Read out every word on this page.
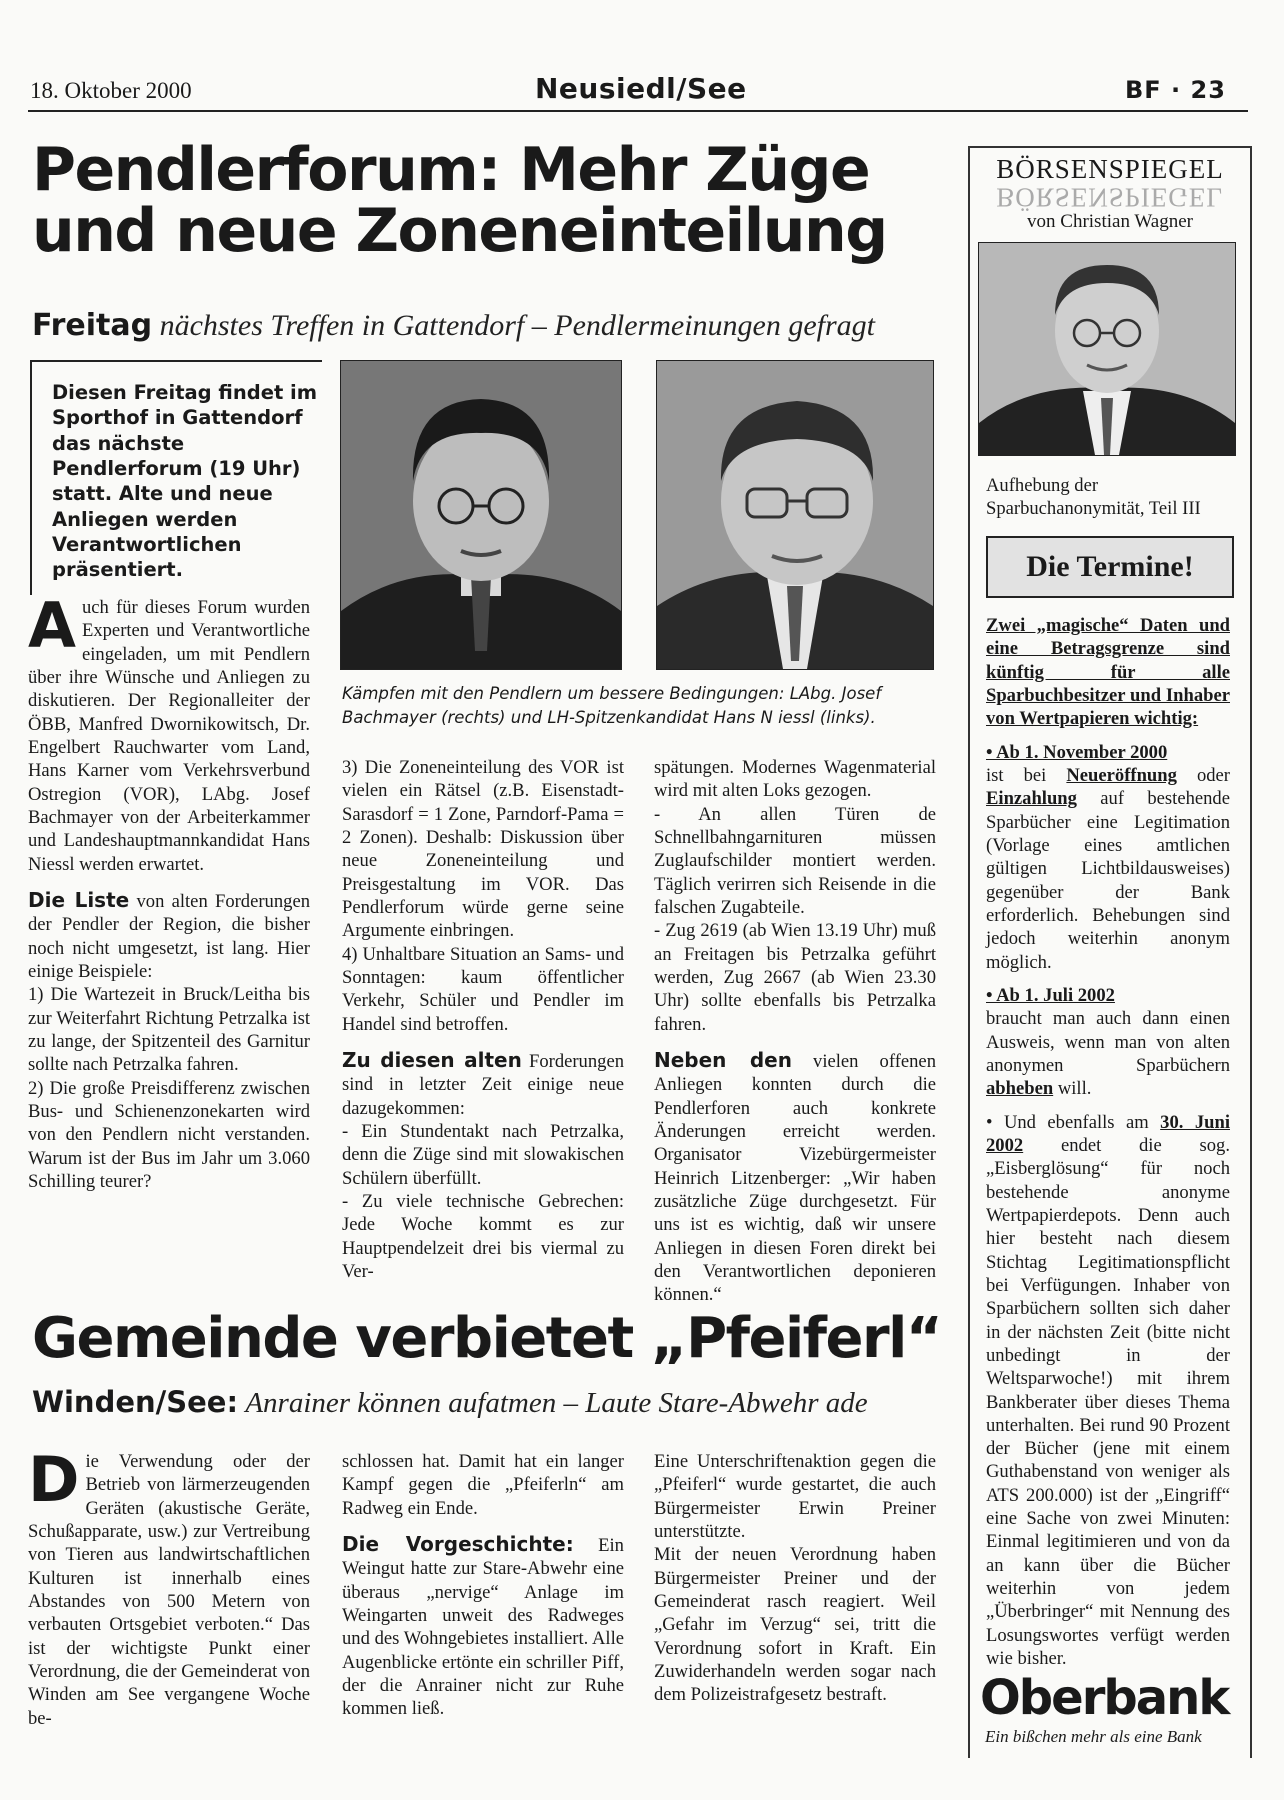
18. Oktober 2000	Neusiedl/See	BF · 23
Pendlerforum: Mehr Züge
und neue Zoneneinteilung
Freitag nächstes Treffen in Gattendorf – Pendlermeinungen gefragt
Diesen Freitag findet im Sporthof in Gattendorf das nächste Pendlerforum (19 Uhr) statt. Alte und neue Anliegen werden Verantwortlichen präsentiert.
Kämpfen mit den Pendlern um bessere Bedingungen: LAbg. Josef Bachmayer (rechts) und LH-Spitzenkandidat Hans N iessl (links).

Auch für dieses Forum wurden Experten und Verantwortliche eingeladen, um mit Pendlern über ihre Wünsche und Anliegen zu diskutieren. Der Regionalleiter der ÖBB, Manfred Dwornikowitsch, Dr. Engelbert Rauchwarter vom Land, Hans Karner vom Verkehrsverbund Ostregion (VOR), LAbg. Josef Bachmayer von der Arbeiterkammer und Landeshauptmannkandidat Hans Niessl werden erwartet.

Die Liste von alten Forderungen der Pendler der Region, die bisher noch nicht umgesetzt, ist lang. Hier einige Beispiele:

1) Die Wartezeit in Bruck/Leitha bis zur Weiterfahrt Richtung Petrzalka ist zu lange, der Spitzenteil des Garnitur sollte nach Petrzalka fahren.

2) Die große Preisdifferenz zwischen Bus- und Schienenzonekarten wird von den Pendlern nicht verstanden. Warum ist der Bus im Jahr um 3.060 Schilling teurer?

3) Die Zoneneinteilung des VOR ist vielen ein Rätsel (z.B. Eisenstadt-Sarasdorf = 1 Zone, Parndorf-Pama = 2 Zonen). Deshalb: Diskussion über neue Zoneneinteilung und Preisgestaltung im VOR. Das Pendlerforum würde gerne seine Argumente einbringen.

4) Unhaltbare Situation an Sams- und Sonntagen: kaum öffentlicher Verkehr, Schüler und Pendler im Handel sind betroffen.

Zu diesen alten Forderungen sind in letzter Zeit einige neue dazugekommen:

- Ein Stundentakt nach Petrzalka, denn die Züge sind mit slowakischen Schülern überfüllt.

- Zu viele technische Gebrechen: Jede Woche kommt es zur Hauptpendelzeit drei bis viermal zu Ver-

spätungen. Modernes Wagenmaterial wird mit alten Loks gezogen.

- An allen Türen de Schnellbahngarnituren müssen Zuglaufschilder montiert werden. Täglich verirren sich Reisende in die falschen Zugabteile.

- Zug 2619 (ab Wien 13.19 Uhr) muß an Freitagen bis Petrzalka geführt werden, Zug 2667 (ab Wien 23.30 Uhr) sollte ebenfalls bis Petrzalka fahren.

Neben den vielen offenen Anliegen konnten durch die Pendlerforen auch konkrete Änderungen erreicht werden. Organisator Vizebürgermeister Heinrich Litzenberger: „Wir haben zusätzliche Züge durchgesetzt. Für uns ist es wichtig, daß wir unsere Anliegen in diesen Foren direkt bei den Verantwortlichen deponieren können.“

Gemeinde verbietet „Pfeiferl“
Winden/See: Anrainer können aufatmen – Laute Stare-Abwehr ade

Die Verwendung oder der Betrieb von lärmerzeugenden Geräten (akustische Geräte, Schußapparate, usw.) zur Vertreibung von Tieren aus landwirtschaftlichen Kulturen ist innerhalb eines Abstandes von 500 Metern von verbauten Ortsgebiet verboten.“ Das ist der wichtigste Punkt einer Verordnung, die der Gemeinderat von Winden am See vergangene Woche be-

schlossen hat. Damit hat ein langer Kampf gegen die „Pfeiferln“ am Radweg ein Ende.

Die Vorgeschichte: Ein Weingut hatte zur Stare-Abwehr eine überaus „nervige“ Anlage im Weingarten unweit des Radweges und des Wohngebietes installiert. Alle Augenblicke ertönte ein schriller Piff, der die Anrainer nicht zur Ruhe kommen ließ.

Eine Unterschriftenaktion gegen die „Pfeiferl“ wurde gestartet, die auch Bürgermeister Erwin Preiner unterstützte.

Mit der neuen Verordnung haben Bürgermeister Preiner und der Gemeinderat rasch reagiert. Weil „Gefahr im Verzug“ sei, tritt die Verordnung sofort in Kraft. Ein Zuwiderhandeln werden sogar nach dem Polizeistrafgesetz bestraft.

BÖRSENSPIEGEL
BÖRSENSPIEGEL
von Christian Wagner
Aufhebung der Sparbuchanonymität, Teil III
Die Termine!
Zwei „magische“ Daten und eine Betragsgrenze sind künftig für alle Sparbuchbesitzer und Inhaber von Wertpapieren wichtig:
• Ab 1. November 2000
ist bei Neueröffnung oder Einzahlung auf bestehende Sparbücher eine Legitimation (Vorlage eines amtlichen gültigen Lichtbildausweises) gegenüber der Bank erforderlich. Behebungen sind jedoch weiterhin anonym möglich.
• Ab 1. Juli 2002
braucht man auch dann einen Ausweis, wenn man von alten anonymen Sparbüchern abheben will.
• Und ebenfalls am 30. Juni 2002 endet die sog. „Eisberglösung“ für noch bestehende anonyme Wertpapierdepots. Denn auch hier besteht nach diesem Stichtag Legitimationspflicht bei Verfügungen. Inhaber von Sparbüchern sollten sich daher in der nächsten Zeit (bitte nicht unbedingt in der Weltsparwoche!) mit ihrem Bankberater über dieses Thema unterhalten. Bei rund 90 Prozent der Bücher (jene mit einem Guthabenstand von weniger als ATS 200.000) ist der „Eingriff“ eine Sache von zwei Minuten: Einmal legitimieren und von da an kann über die Bücher weiterhin von jedem „Überbringer“ mit Nennung des Losungswortes verfügt werden wie bisher.
Oberbank
Ein bißchen mehr als eine Bank
